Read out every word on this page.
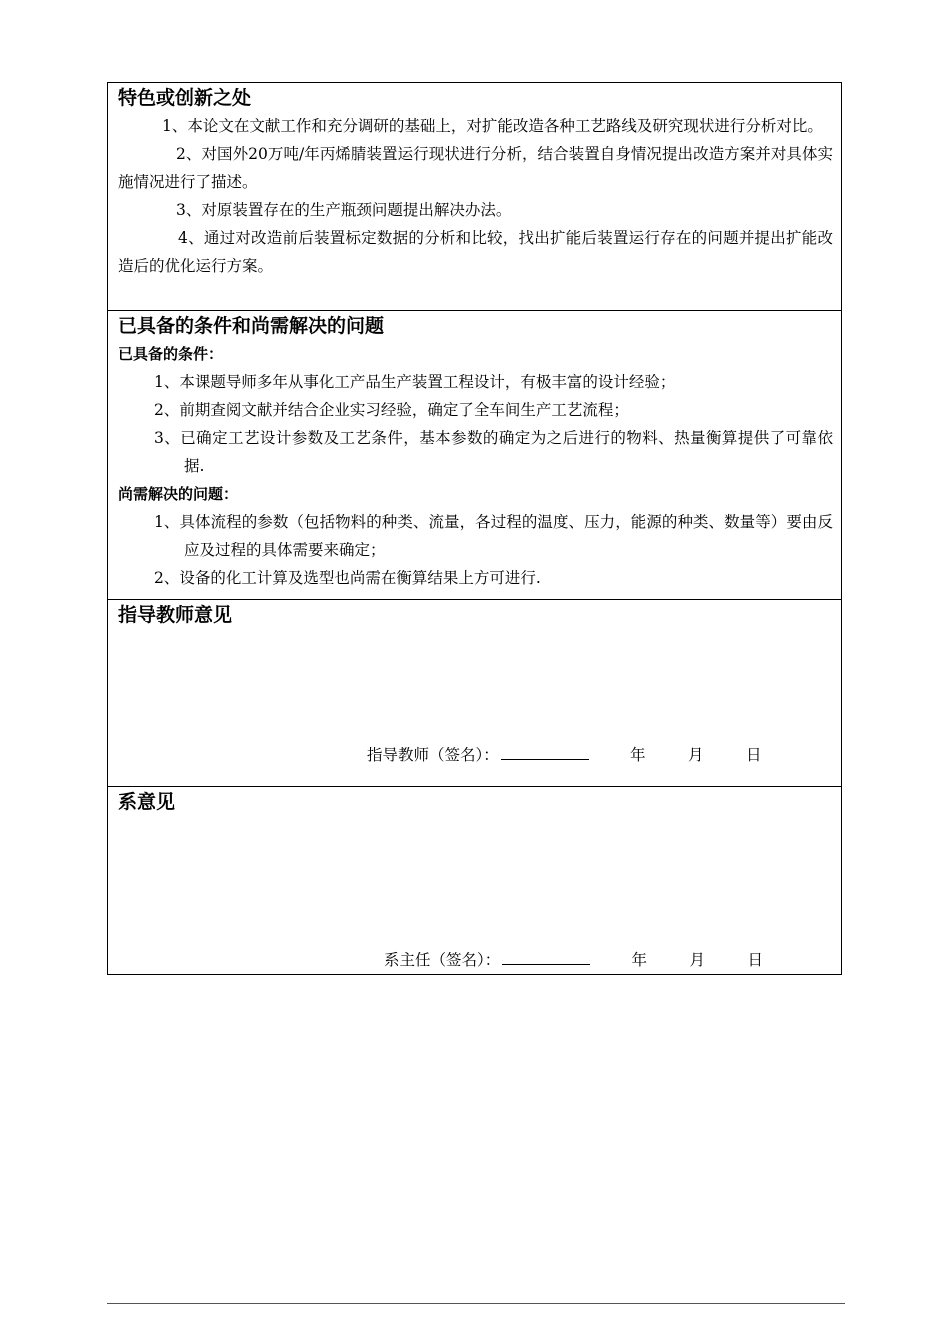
特色或创新之处
1、本论文在文献工作和充分调研的基础上，对扩能改造各种工艺路线及研究现状进行分析对比。
2、对国外20万吨/年丙烯腈装置运行现状进行分析，结合装置自身情况提出改造方案并对具体实施情况进行了描述。
3、对原装置存在的生产瓶颈问题提出解决办法。
4、通过对改造前后装置标定数据的分析和比较，找出扩能后装置运行存在的问题并提出扩能改造后的优化运行方案。
已具备的条件和尚需解决的问题
已具备的条件：
1、本课题导师多年从事化工产品生产装置工程设计，有极丰富的设计经验；
2、前期查阅文献并结合企业实习经验，确定了全车间生产工艺流程；
3、已确定工艺设计参数及工艺条件，基本参数的确定为之后进行的物料、热量衡算提供了可靠依据.
尚需解决的问题：
1、具体流程的参数（包括物料的种类、流量，各过程的温度、压力，能源的种类、数量等）要由反应及过程的具体需要来确定；
2、设备的化工计算及选型也尚需在衡算结果上方可进行.
指导教师意见
指导教师（签名）：	年	月	日
系意见
系主任（签名）：	年	月	日
